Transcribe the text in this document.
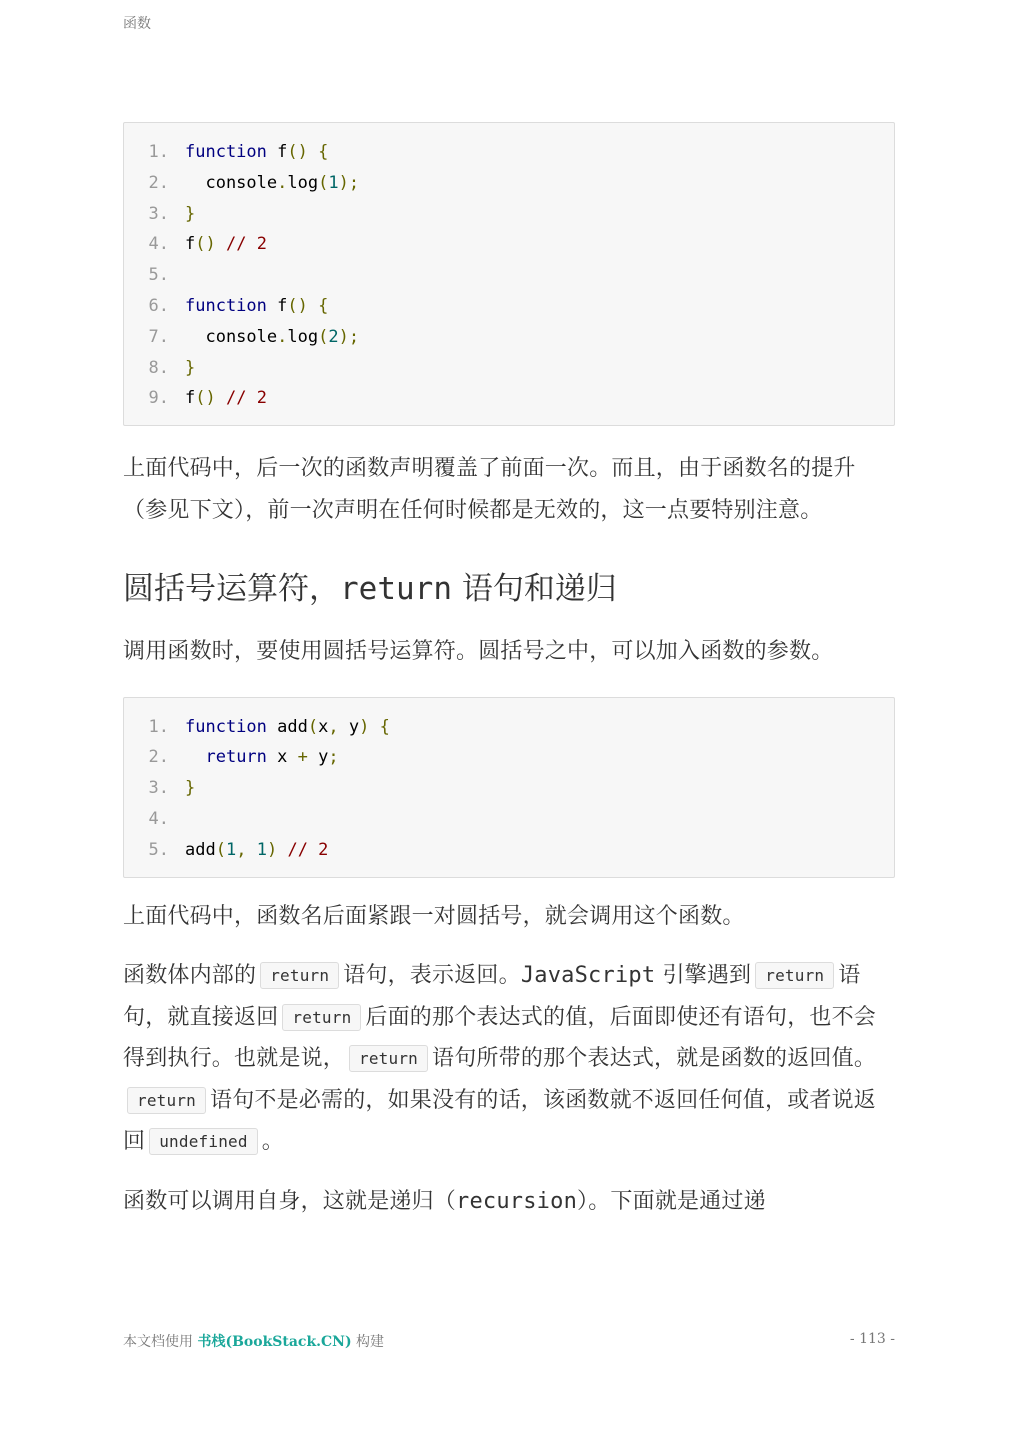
函数
1. function f() {
2.  console.log(1);
3. }
4. f() // 2
5.
6. function f() {
7.  console.log(2);
8. }
9. f() // 2

上面代码中，后一次的函数声明覆盖了前面一次。而且，由于函数名的提升（参见下文），前一次声明在任何时候都是无效的，这一点要特别注意。

圆括号运算符，return 语句和递归

调用函数时，要使用圆括号运算符。圆括号之中，可以加入函数的参数。

1. function add(x, y) {
2. return x + y;
3. }
4.
5. add(1, 1) // 2

上面代码中，函数名后面紧跟一对圆括号，就会调用这个函数。

函数体内部的 return 语句，表示返回。JavaScript 引擎遇到 return 语句，就直接返回 return 后面的那个表达式的值，后面即使还有语句，也不会得到执行。也就是说， return 语句所带的那个表达式，就是函数的返回值。return 语句不是必需的，如果没有的话，该函数就不返回任何值，或者说返回 undefined 。

函数可以调用自身，这就是递归（recursion）。下面就是通过递

本文档使用 书栈(BookStack.CN) 构建	- 113 -
